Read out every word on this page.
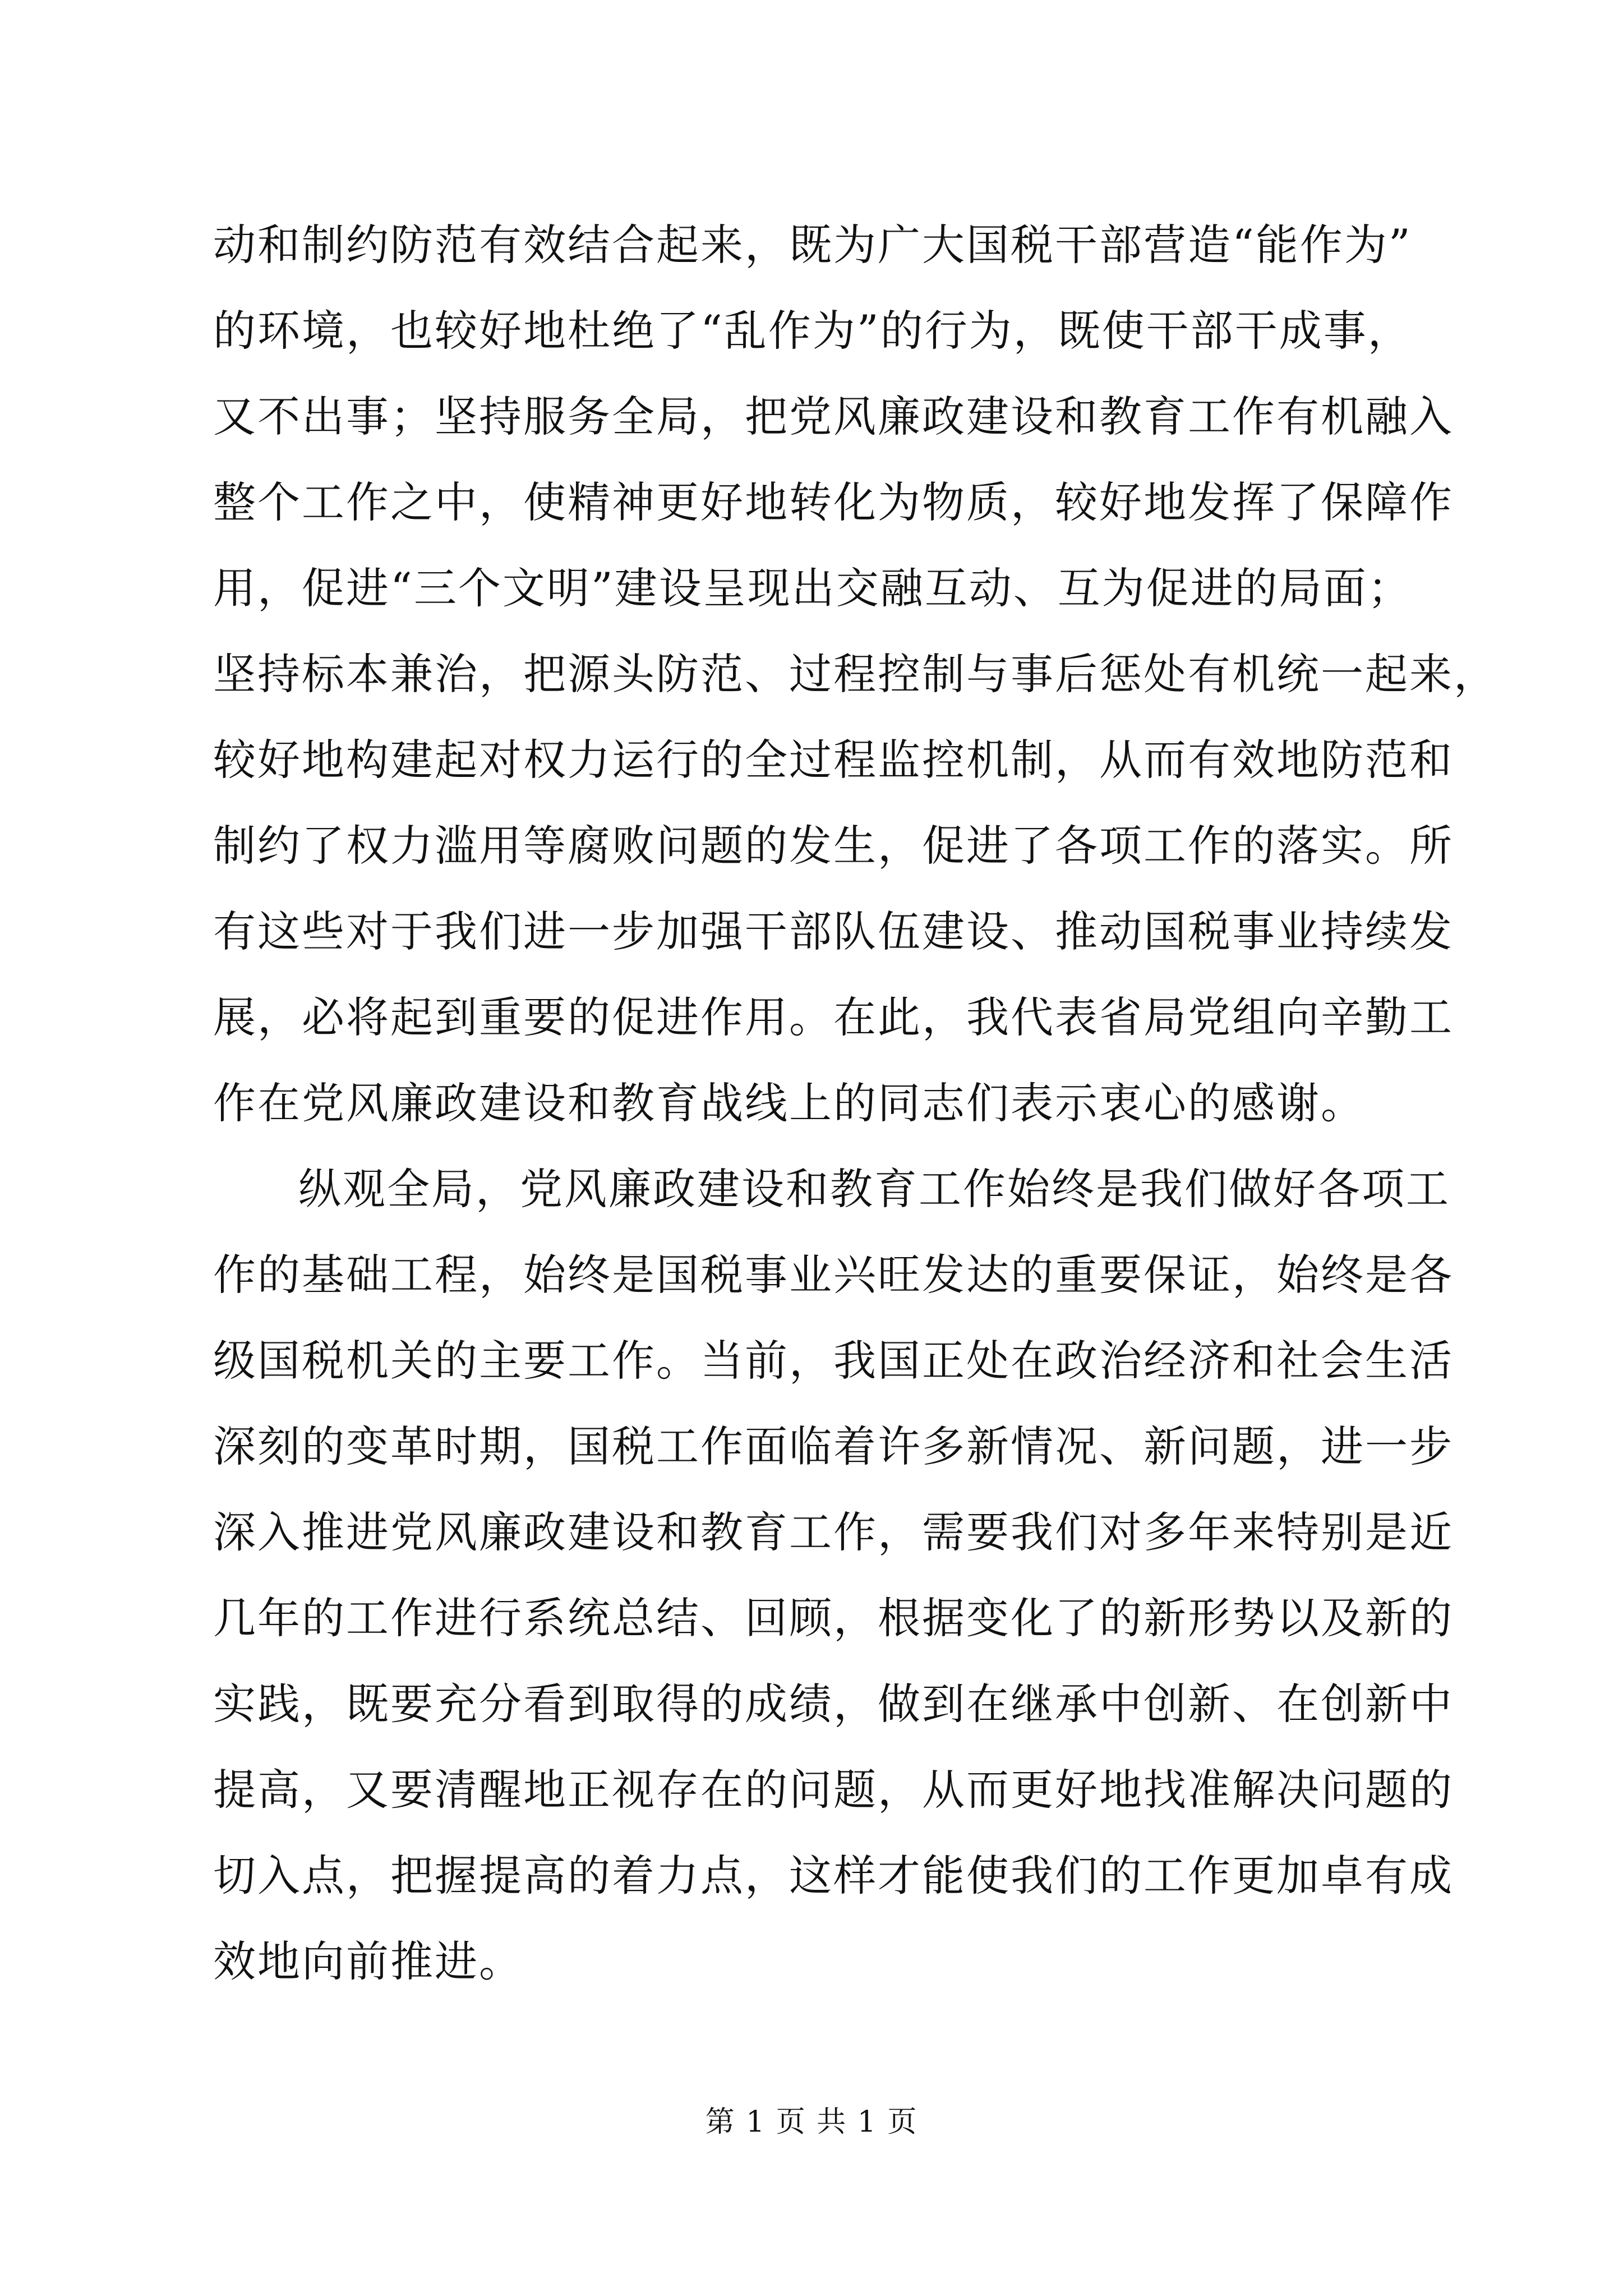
动和制约防范有效结合起来，既为广大国税干部营造“能作为”
的环境，也较好地杜绝了“乱作为”的行为，既使干部干成事，
又不出事；坚持服务全局，把党风廉政建设和教育工作有机融入
整个工作之中，使精神更好地转化为物质，较好地发挥了保障作
用，促进“三个文明”建设呈现出交融互动、互为促进的局面；
坚持标本兼治，把源头防范、过程控制与事后惩处有机统一起来，
较好地构建起对权力运行的全过程监控机制，从而有效地防范和
制约了权力滥用等腐败问题的发生，促进了各项工作的落实。所
有这些对于我们进一步加强干部队伍建设、推动国税事业持续发
展，必将起到重要的促进作用。在此，我代表省局党组向辛勤工
作在党风廉政建设和教育战线上的同志们表示衷心的感谢。
纵观全局，党风廉政建设和教育工作始终是我们做好各项工
作的基础工程，始终是国税事业兴旺发达的重要保证，始终是各
级国税机关的主要工作。当前，我国正处在政治经济和社会生活
深刻的变革时期，国税工作面临着许多新情况、新问题，进一步
深入推进党风廉政建设和教育工作，需要我们对多年来特别是近
几年的工作进行系统总结、回顾，根据变化了的新形势以及新的
实践，既要充分看到取得的成绩，做到在继承中创新、在创新中
提高，又要清醒地正视存在的问题，从而更好地找准解决问题的
切入点，把握提高的着力点，这样才能使我们的工作更加卓有成
效地向前推进。
第 1 页 共 1 页
